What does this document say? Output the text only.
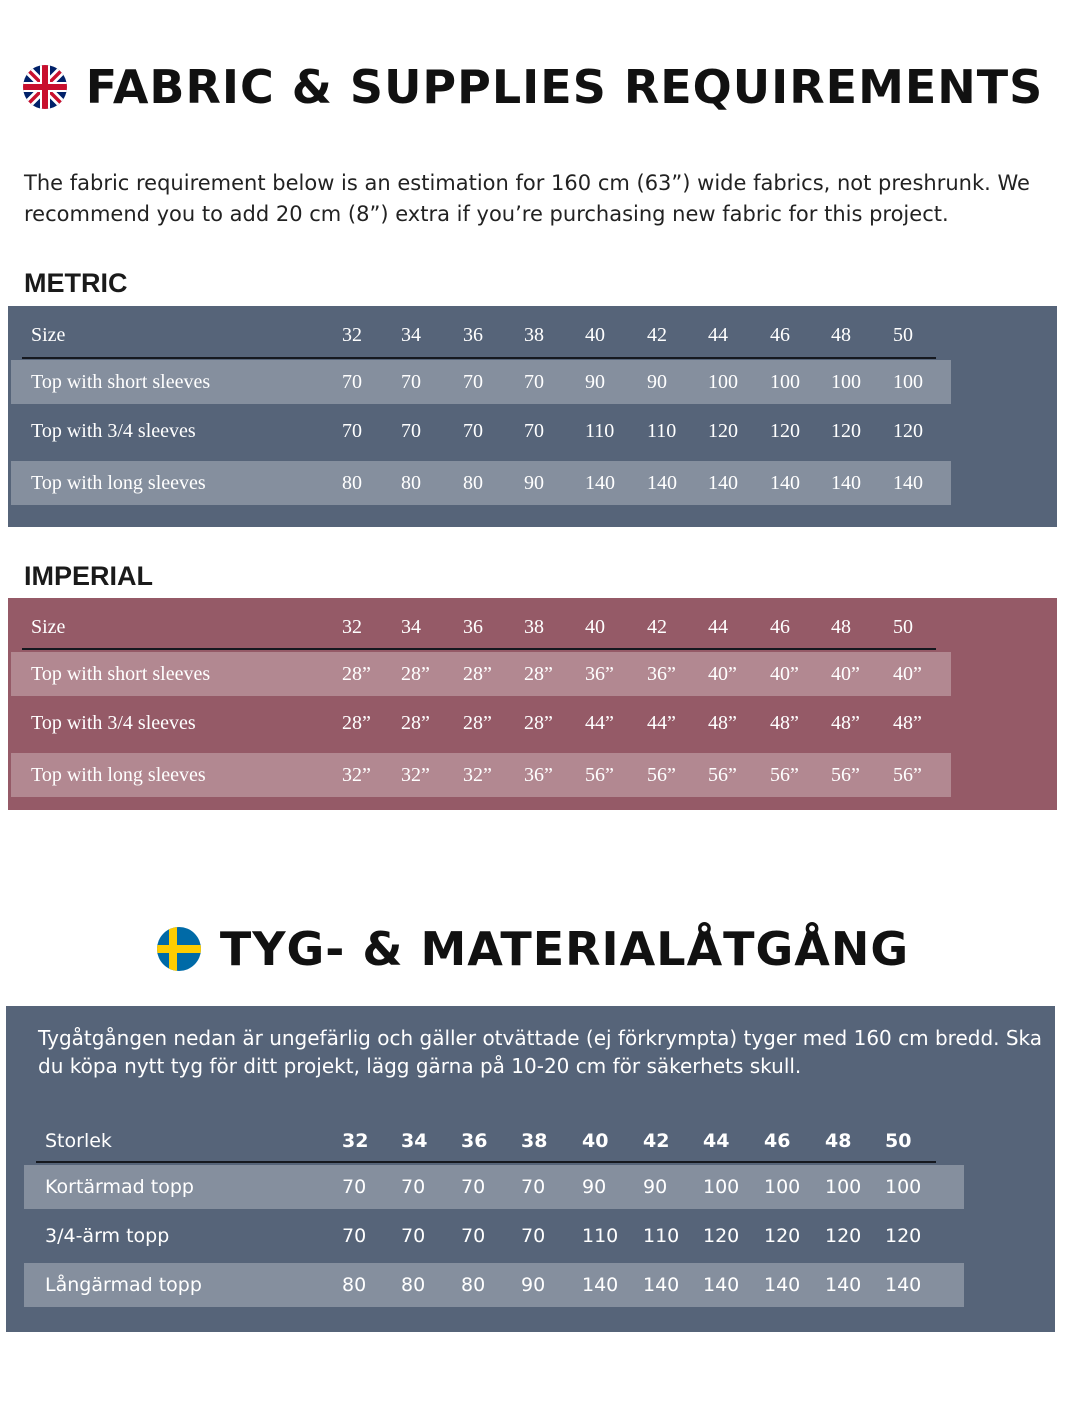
FABRIC & SUPPLIES REQUIREMENTS
The fabric requirement below is an estimation for 160 cm (63”) wide fabrics, not preshrunk. We recommend you to add 20 cm (8”) extra if you’re purchasing new fabric for this project.
METRIC
Size	32 34 36 38 40 42 44 46 48 50
Top with short sleeves	70 70 70 70 90 90 100 100 100 100
Top with 3/4 sleeves	70 70 70 70 110 110 120 120 120 120
Top with long sleeves	80 80 80 90 140 140 140 140 140 140
IMPERIAL
Size	32 34 36 38 40 42 44 46 48 50
Top with short sleeves	28” 28” 28” 28” 36” 36” 40” 40” 40” 40”
Top with 3/4 sleeves	28” 28” 28” 28” 44” 44” 48” 48” 48” 48”
Top with long sleeves	32” 32” 32” 36” 56” 56” 56” 56” 56” 56”
TYG- & MATERIALÅTGÅNG
Tygåtgången nedan är ungefärlig och gäller otvättade (ej förkrympta) tyger med 160 cm bredd. Ska du köpa nytt tyg för ditt projekt, lägg gärna på 10-20 cm för säkerhets skull.
Storlek	32 34 36 38 40 42 44 46 48 50
Kortärmad topp	70 70 70 70 90 90 100 100 100 100
3/4-ärm topp	70 70 70 70 110 110 120 120 120 120
Långärmad topp	80 80 80 90 140 140 140 140 140 140
